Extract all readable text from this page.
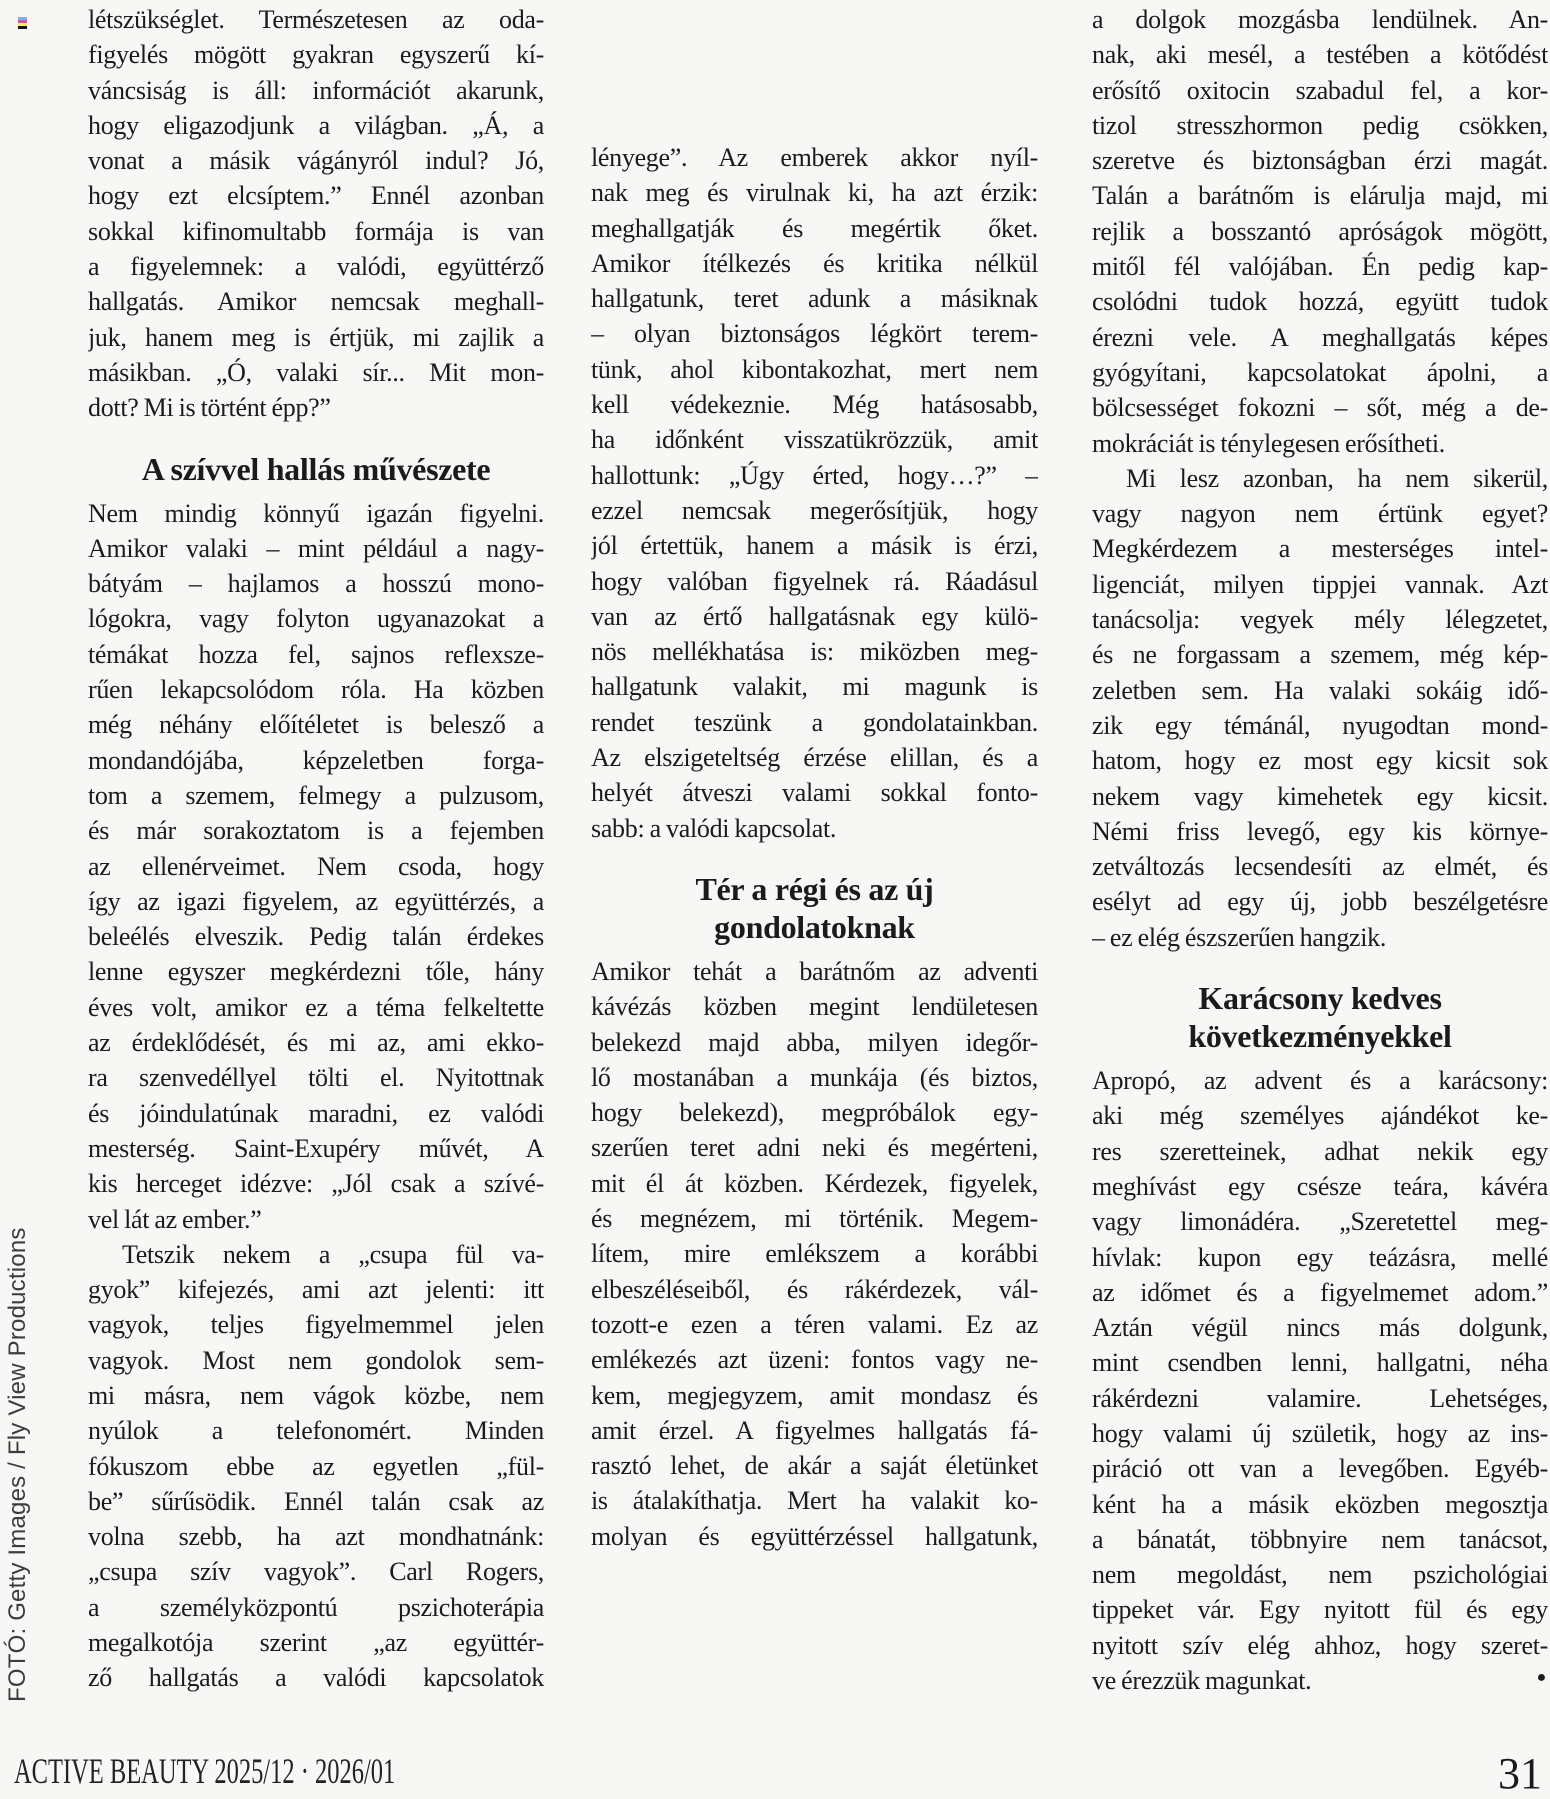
létszükséglet. Természetesen az oda-
figyelés mögött gyakran egyszerű kí-
váncsiság is áll: információt akarunk,
hogy eligazodjunk a világban. „Á, a
vonat a másik vágányról indul? Jó,
hogy ezt elcsíptem.” Ennél azonban
sokkal kifinomultabb formája is van
a figyelemnek: a valódi, együttérző
hallgatás. Amikor nemcsak meghall-
juk, hanem meg is értjük, mi zajlik a
másikban. „Ó, valaki sír... Mit mon-
dott? Mi is történt épp?”
A szívvel hallás művészete
Nem mindig könnyű igazán figyelni.
Amikor valaki – mint például a nagy-
bátyám – hajlamos a hosszú mono-
lógokra, vagy folyton ugyanazokat a
témákat hozza fel, sajnos reflexsze-
rűen lekapcsolódom róla. Ha közben
még néhány előítéletet is belesző a
mondandójába, képzeletben forga-
tom a szemem, felmegy a pulzusom,
és már sorakoztatom is a fejemben
az ellenérveimet. Nem csoda, hogy
így az igazi figyelem, az együttérzés, a
beleélés elveszik. Pedig talán érdekes
lenne egyszer megkérdezni tőle, hány
éves volt, amikor ez a téma felkeltette
az érdeklődését, és mi az, ami ekko-
ra szenvedéllyel tölti el. Nyitottnak
és jóindulatúnak maradni, ez valódi
mesterség. Saint-Exupéry művét, A
kis herceget idézve: „Jól csak a szívé-
vel lát az ember.”
Tetszik nekem a „csupa fül va-
gyok” kifejezés, ami azt jelenti: itt
vagyok, teljes figyelmemmel jelen
vagyok. Most nem gondolok sem-
mi másra, nem vágok közbe, nem
nyúlok a telefonomért. Minden
fókuszom ebbe az egyetlen „fül-
be” sűrűsödik. Ennél talán csak az
volna szebb, ha azt mondhatnánk:
„csupa szív vagyok”. Carl Rogers,
a személyközpontú pszichoterápia
megalkotója szerint „az együttér-
ző hallgatás a valódi kapcsolatok
lényege”. Az emberek akkor nyíl-
nak meg és virulnak ki, ha azt érzik:
meghallgatják és megértik őket.
Amikor ítélkezés és kritika nélkül
hallgatunk, teret adunk a másiknak
– olyan biztonságos légkört terem-
tünk, ahol kibontakozhat, mert nem
kell védekeznie. Még hatásosabb,
ha időnként visszatükrözzük, amit
hallottunk: „Úgy érted, hogy…?” –
ezzel nemcsak megerősítjük, hogy
jól értettük, hanem a másik is érzi,
hogy valóban figyelnek rá. Ráadásul
van az értő hallgatásnak egy külö-
nös mellékhatása is: miközben meg-
hallgatunk valakit, mi magunk is
rendet teszünk a gondolatainkban.
Az elszigeteltség érzése elillan, és a
helyét átveszi valami sokkal fonto-
sabb: a valódi kapcsolat.
Tér a régi és az új
gondolatoknak
Amikor tehát a barátnőm az adventi
kávézás közben megint lendületesen
belekezd majd abba, milyen idegőr-
lő mostanában a munkája (és biztos,
hogy belekezd), megpróbálok egy-
szerűen teret adni neki és megérteni,
mit él át közben. Kérdezek, figyelek,
és megnézem, mi történik. Megem-
lítem, mire emlékszem a korábbi
elbeszéléseiből, és rákérdezek, vál-
tozott-e ezen a téren valami. Ez az
emlékezés azt üzeni: fontos vagy ne-
kem, megjegyzem, amit mondasz és
amit érzel. A figyelmes hallgatás fá-
rasztó lehet, de akár a saját életünket
is átalakíthatja. Mert ha valakit ko-
molyan és együttérzéssel hallgatunk,
a dolgok mozgásba lendülnek. An-
nak, aki mesél, a testében a kötődést
erősítő oxitocin szabadul fel, a kor-
tizol stresszhormon pedig csökken,
szeretve és biztonságban érzi magát.
Talán a barátnőm is elárulja majd, mi
rejlik a bosszantó apróságok mögött,
mitől fél valójában. Én pedig kap-
csolódni tudok hozzá, együtt tudok
érezni vele. A meghallgatás képes
gyógyítani, kapcsolatokat ápolni, a
bölcsességet fokozni – sőt, még a de-
mokráciát is ténylegesen erősítheti.
Mi lesz azonban, ha nem sikerül,
vagy nagyon nem értünk egyet?
Megkérdezem a mesterséges intel-
ligenciát, milyen tippjei vannak. Azt
tanácsolja: vegyek mély lélegzetet,
és ne forgassam a szemem, még kép-
zeletben sem. Ha valaki sokáig idő-
zik egy témánál, nyugodtan mond-
hatom, hogy ez most egy kicsit sok
nekem vagy kimehetek egy kicsit.
Némi friss levegő, egy kis környe-
zetváltozás lecsendesíti az elmét, és
esélyt ad egy új, jobb beszélgetésre
– ez elég észszerűen hangzik.
Karácsony kedves
következményekkel
Apropó, az advent és a karácsony:
aki még személyes ajándékot ke-
res szeretteinek, adhat nekik egy
meghívást egy csésze teára, kávéra
vagy limonádéra. „Szeretettel meg-
hívlak: kupon egy teázásra, mellé
az időmet és a figyelmemet adom.”
Aztán végül nincs más dolgunk,
mint csendben lenni, hallgatni, néha
rákérdezni valamire. Lehetséges,
hogy valami új születik, hogy az ins-
piráció ott van a levegőben. Egyéb-
ként ha a másik eközben megosztja
a bánatát, többnyire nem tanácsot,
nem megoldást, nem pszichológiai
tippeket vár. Egy nyitott fül és egy
nyitott szív elég ahhoz, hogy szeret-
ve érezzük magunkat.	●
FOTÓ: Getty Images / Fly View Productions
ACTIVE BEAUTY 2025/12 · 2026/01	31
